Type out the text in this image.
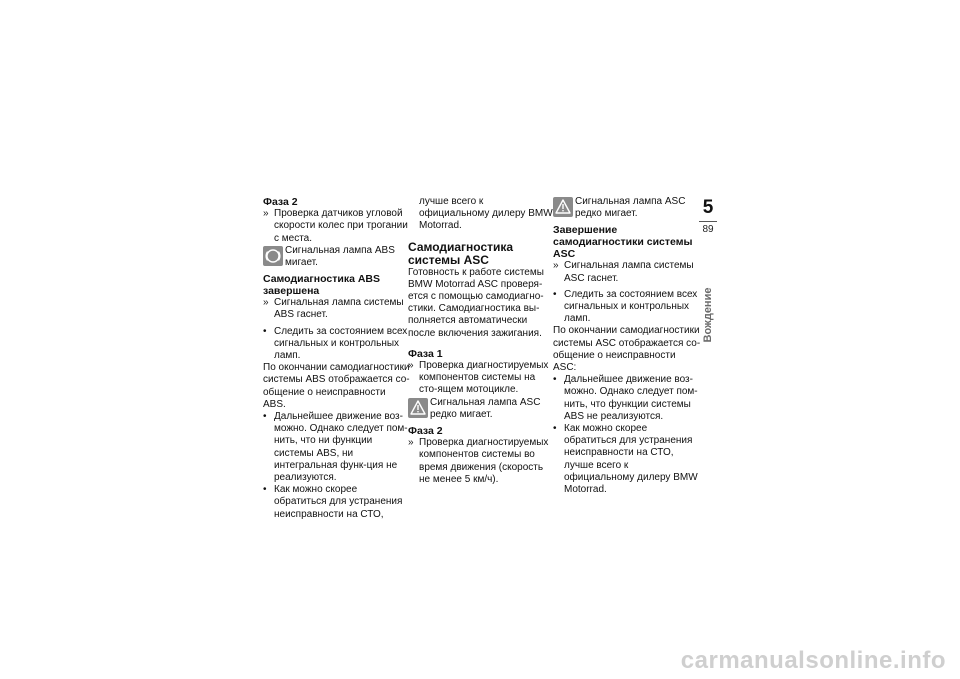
Фаза 2

» Проверка датчиков угловой скорости колес при трогании с места.

Сигнальная лампа ABS мигает.

Самодиагностика ABS завершена

» Сигнальная лампа системы ABS гаснет.

• Следить за состоянием всех сигнальных и контрольных ламп.

По окончании самодиагностики системы ABS отображается со-общение о неисправности ABS.

• Дальнейшее движение воз-можно. Однако следует пом-нить, что ни функции системы ABS, ни интегральная функ-ция не реализуются.

• Как можно скорее обратиться для устранения неисправности на СТО,

лучше всего к официальному дилеру BMW Motorrad.

Самодиагностика системы ASC

Готовность к работе системы BMW Motorrad ASC проверя-ется с помощью самодиагно-стики. Самодиагностика вы-полняется автоматически после включения зажигания.

Фаза 1

» Проверка диагностируемых компонентов системы на сто-ящем мотоцикле.

Сигнальная лампа ASC редко мигает.

Фаза 2

» Проверка диагностируемых компонентов системы во время движения (скорость не менее 5 км/ч).

Сигнальная лампа ASC редко мигает.

Завершение самодиагностики системы ASC

» Сигнальная лампа системы ASC гаснет.

• Следить за состоянием всех сигнальных и контрольных ламп.

По окончании самодиагностики системы ASC отображается со-общение о неисправности ASC:

• Дальнейшее движение воз-можно. Однако следует пом-нить, что функции системы ABS не реализуются.

• Как можно скорее обратиться для устранения неисправности на СТО, лучше всего к официальному дилеру BMW Motorrad.

5
89
Вождение
carmanualsonline.info
